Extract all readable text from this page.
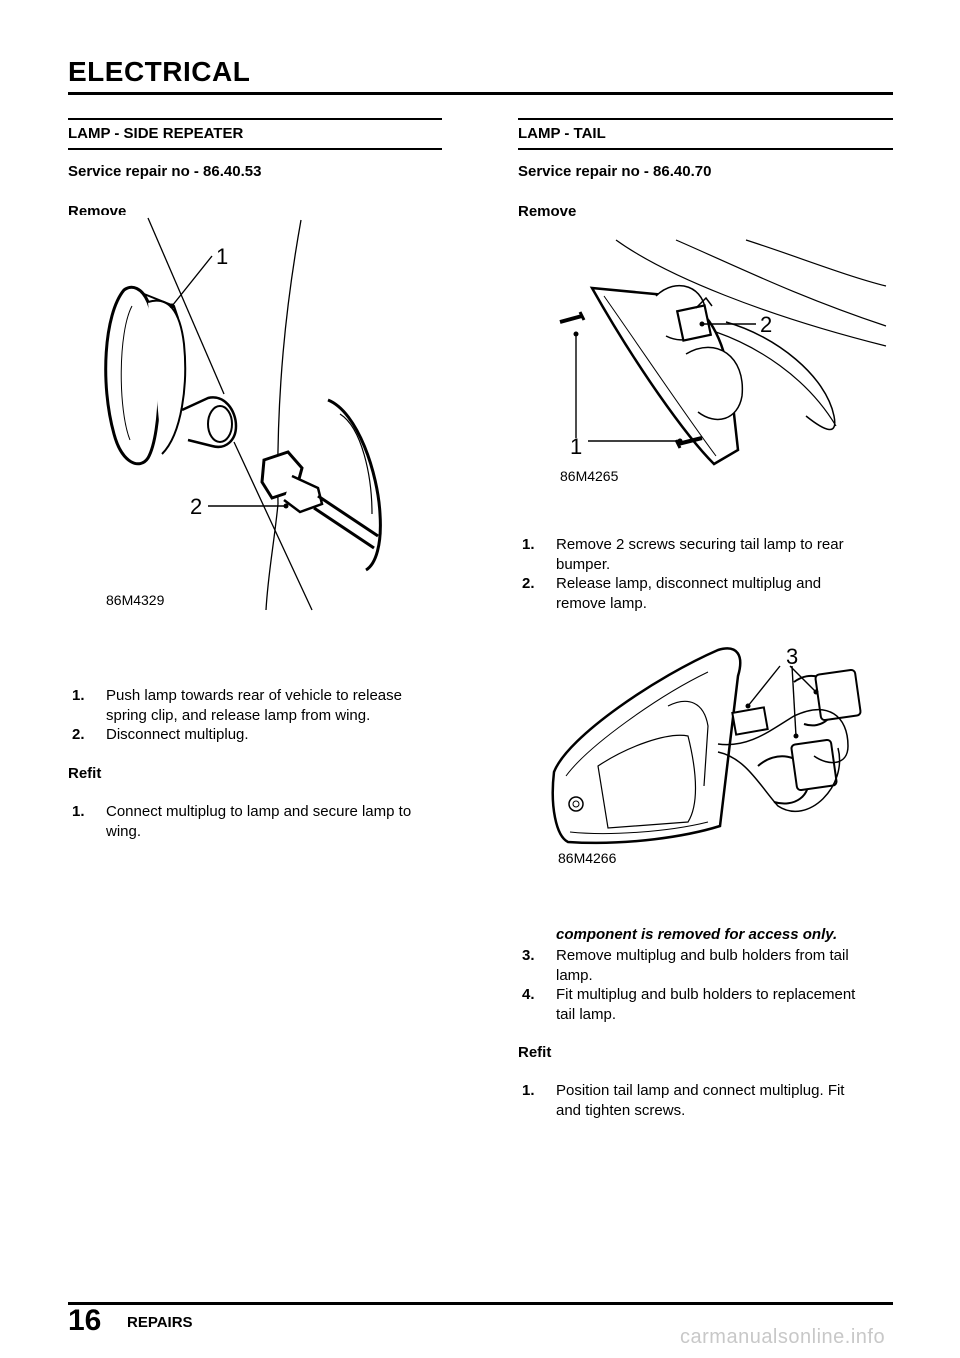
ELECTRICAL
LAMP - SIDE REPEATER
Service repair no - 86.40.53
Remove
1
2
86M4329
1. Push lamp towards rear of vehicle to release
spring clip, and release lamp from wing.
2. Disconnect multiplug.
Refit
1. Connect multiplug to lamp and secure lamp to
wing.
LAMP - TAIL
Service repair no - 86.40.70
Remove
1
2
86M4265
1. Remove 2 screws securing tail lamp to rear
bumper.
2. Release lamp, disconnect multiplug and
remove lamp.
3
86M4266
component is removed for access only.
3. Remove multiplug and bulb holders from tail
lamp.
4. Fit multiplug and bulb holders to replacement
tail lamp.
Refit
1. Position tail lamp and connect multiplug. Fit
and tighten screws.
16 REPAIRS
carmanualsonline.info
